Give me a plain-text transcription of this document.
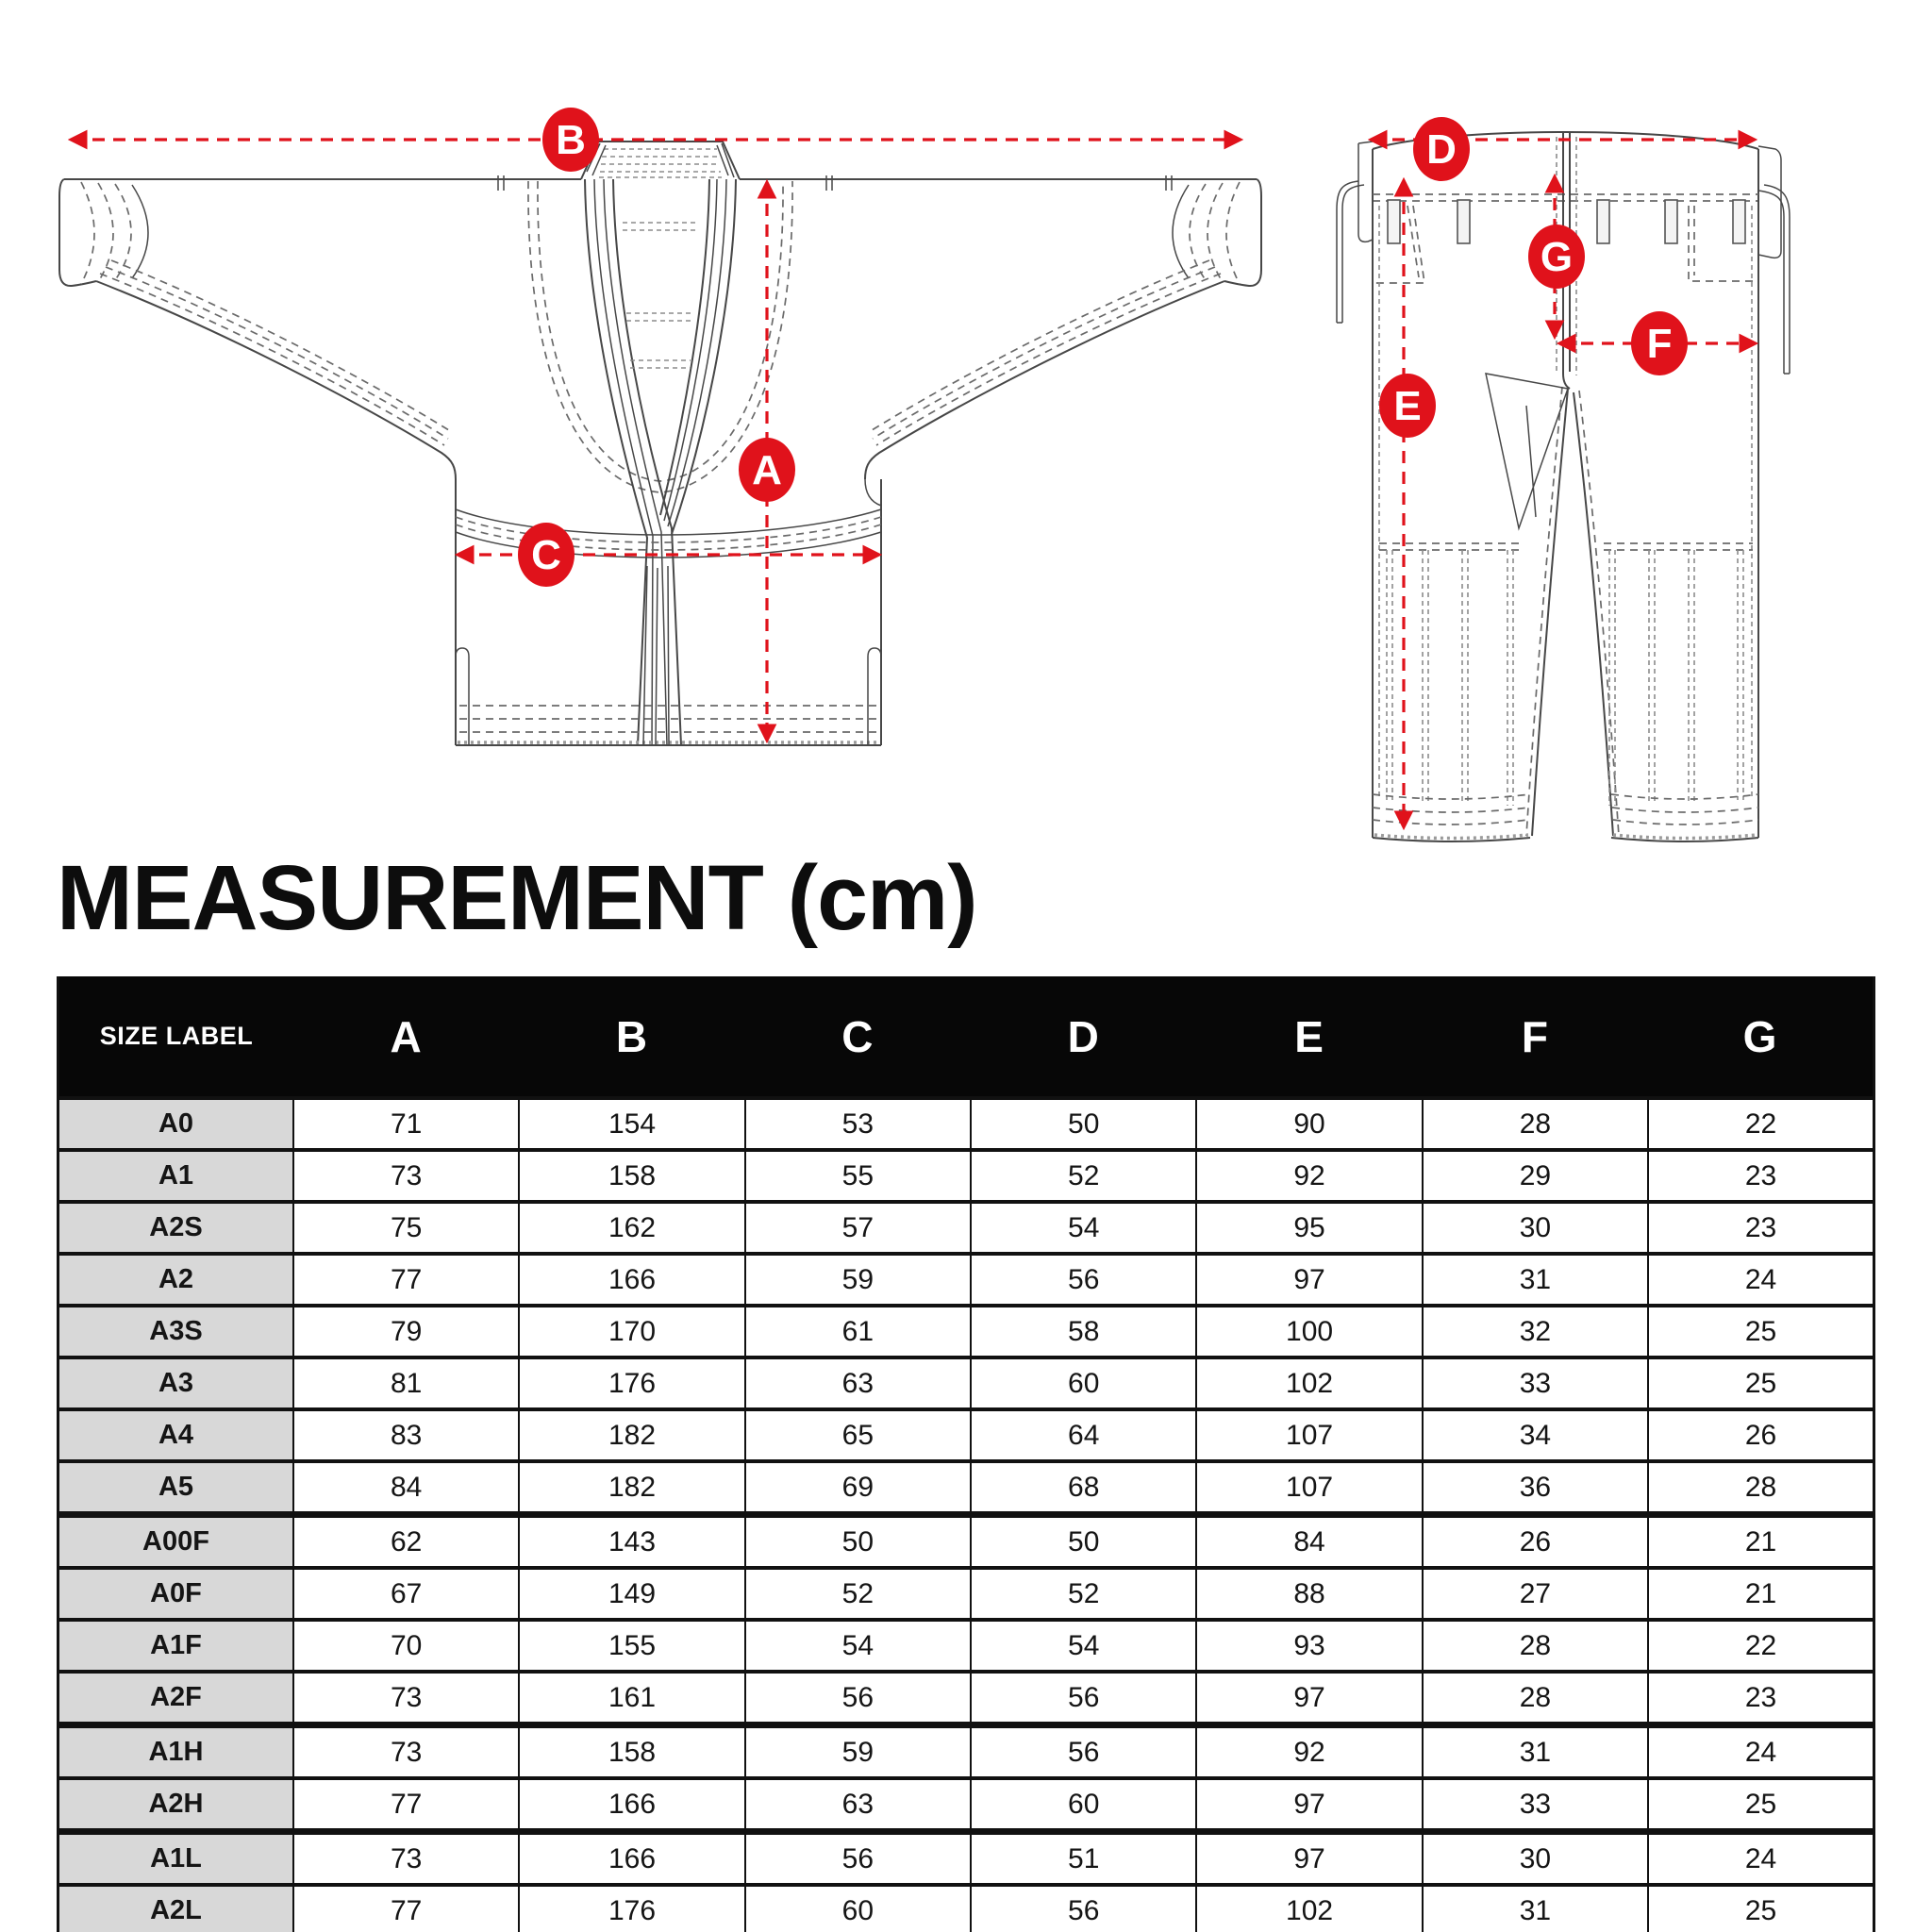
B
A
C
D
G
F
E
MEASUREMENT (cm)
SIZE LABEL	A	B	C	D	E	F	G
A0	71	154	53	50	90	28	22
A1	73	158	55	52	92	29	23
A2S	75	162	57	54	95	30	23
A2	77	166	59	56	97	31	24
A3S	79	170	61	58	100	32	25
A3	81	176	63	60	102	33	25
A4	83	182	65	64	107	34	26
A5	84	182	69	68	107	36	28
A00F	62	143	50	50	84	26	21
A0F	67	149	52	52	88	27	21
A1F	70	155	54	54	93	28	22
A2F	73	161	56	56	97	28	23
A1H	73	158	59	56	92	31	24
A2H	77	166	63	60	97	33	25
A1L	73	166	56	51	97	30	24
A2L	77	176	60	56	102	31	25
